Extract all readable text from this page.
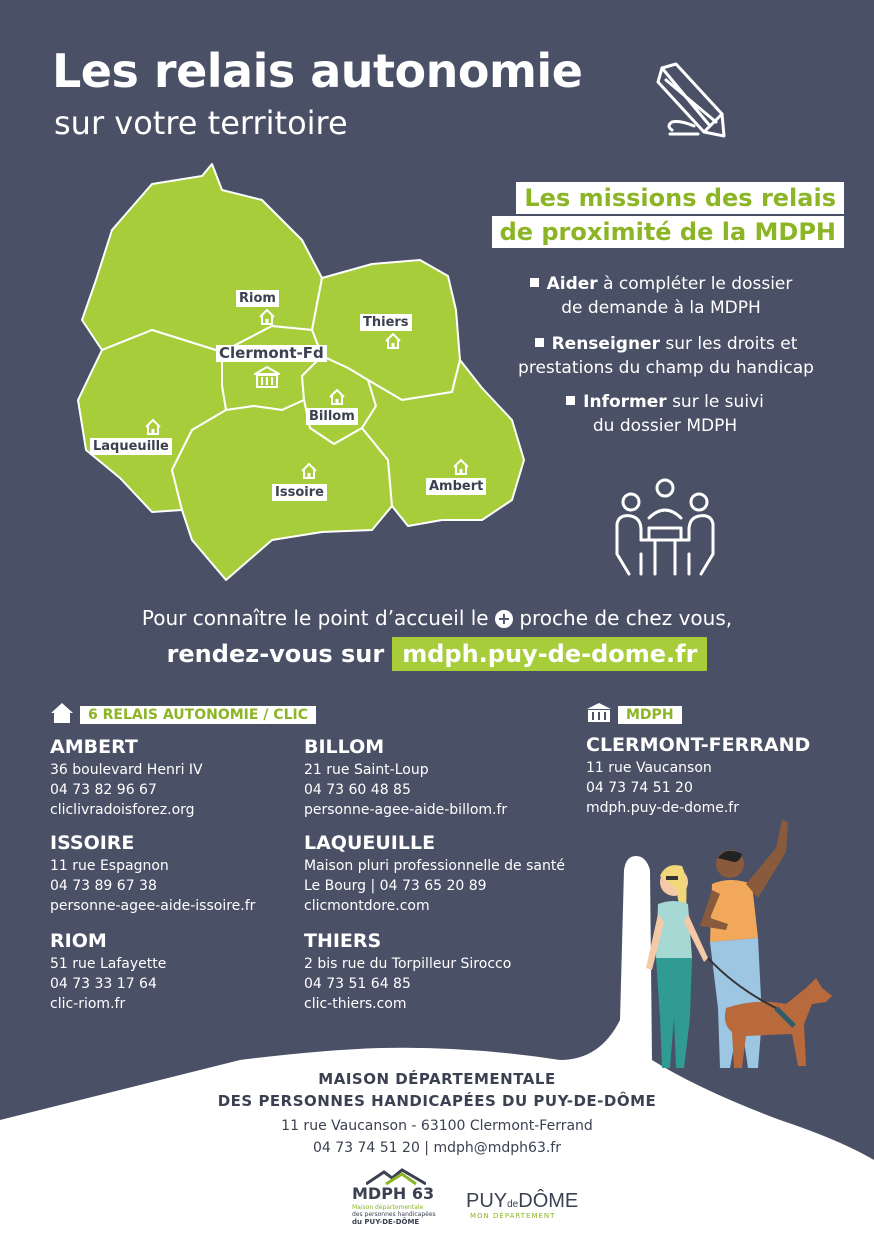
Les relais autonomie
sur votre territoire
Riom
Thiers
Clermont-Fd
Billom
Laqueuille
Issoire	Ambert
Les missions des relais
de proximité de la MDPH
Aider à compléter le dossier
de demande à la MDPH
Renseigner sur les droits et
prestations du champ du handicap
Informer sur le suivi
du dossier MDPH
Pour connaître le point d’accueil le + proche de chez vous,
rendez-vous sur mdph.puy-de-dome.fr
6 RELAIS AUTONOMIE / CLIC
AMBERT
36 boulevard Henri IV
04 73 82 96 67
cliclivradoisforez.org
BILLOM
21 rue Saint-Loup
04 73 60 48 85
personne-agee-aide-billom.fr
ISSOIRE
11 rue Espagnon
04 73 89 67 38
personne-agee-aide-issoire.fr
LAQUEUILLE
Maison pluri professionnelle de santé
Le Bourg | 04 73 65 20 89
clicmontdore.com
RIOM
51 rue Lafayette
04 73 33 17 64
clic-riom.fr
THIERS
2 bis rue du Torpilleur Sirocco
04 73 51 64 85
clic-thiers.com
MDPH
CLERMONT-FERRAND
11 rue Vaucanson
04 73 74 51 20
mdph.puy-de-dome.fr
MAISON DÉPARTEMENTALE
DES PERSONNES HANDICAPÉES DU PUY-DE-DÔME
11 rue Vaucanson - 63100 Clermont-Ferrand
04 73 74 51 20 | mdph@mdph63.fr
MDPH 63
Maison départementale
des personnes handicapées
du PUY-DE-DÔME
PUYdeDÔME
MON DÉPARTEMENT
